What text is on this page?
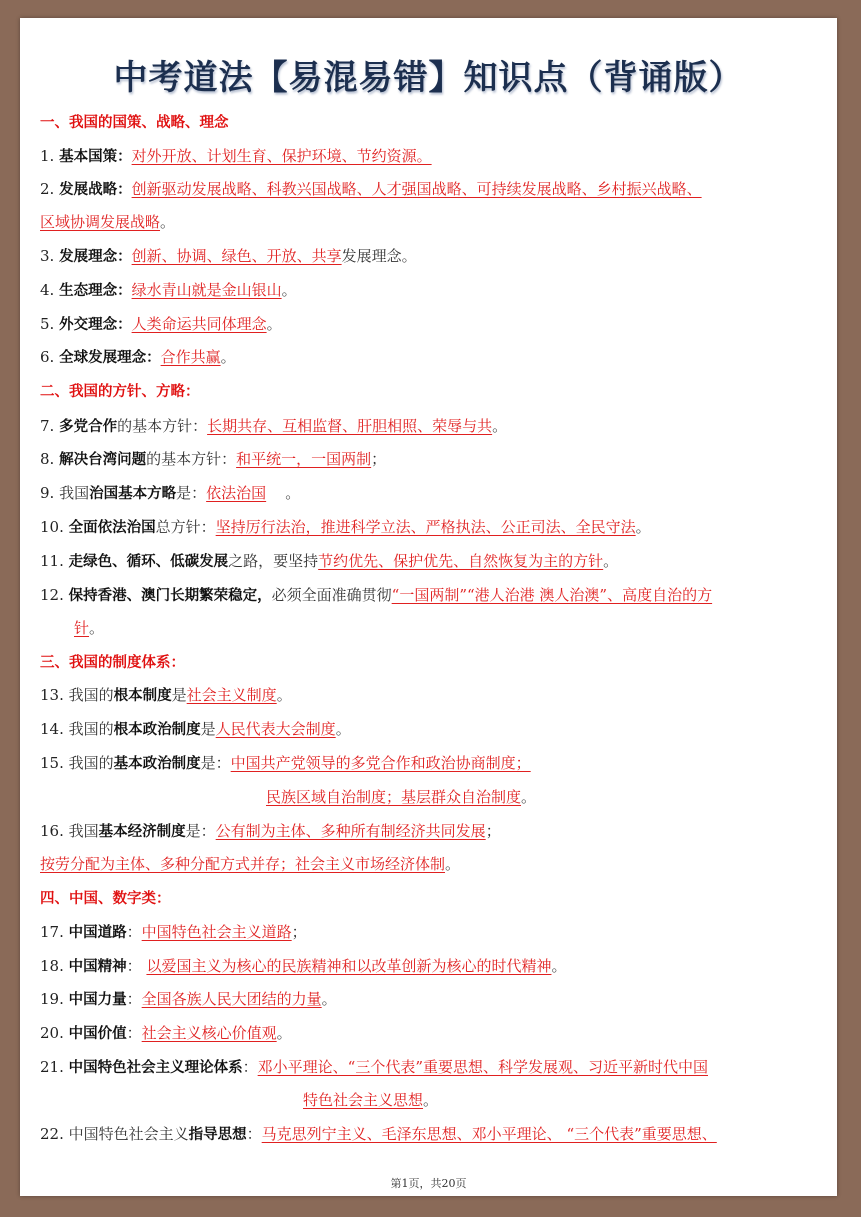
中考道法【易混易错】知识点（背诵版）
一、我国的国策、战略、理念
1. 基本国策：对外开放、计划生育、保护环境、节约资源。
2. 发展战略：创新驱动发展战略、科教兴国战略、人才强国战略、可持续发展战略、乡村振兴战略、
区域协调发展战略。
3. 发展理念：创新、协调、绿色、开放、共享发展理念。
4. 生态理念：绿水青山就是金山银山。
5. 外交理念：人类命运共同体理念。
6. 全球发展理念：合作共赢。
二、我国的方针、方略：
7. 多党合作的基本方针：长期共存、互相监督、肝胆相照、荣辱与共。
8. 解决台湾问题的基本方针：和平统一，一国两制；
9. 我国治国基本方略是：依法治国 。
10. 全面依法治国总方针：坚持厉行法治，推进科学立法、严格执法、公正司法、全民守法。
11. 走绿色、循环、低碳发展之路，要坚持节约优先、保护优先、自然恢复为主的方针。
12. 保持香港、澳门长期繁荣稳定，必须全面准确贯彻“一国两制”“港人治港 澳人治澳”、高度自治的方
针。
三、我国的制度体系：
13. 我国的根本制度是社会主义制度。
14. 我国的根本政治制度是人民代表大会制度。
15. 我国的基本政治制度是：中国共产党领导的多党合作和政治协商制度；
民族区域自治制度；基层群众自治制度。
16. 我国基本经济制度是：公有制为主体、多种所有制经济共同发展；
按劳分配为主体、多种分配方式并存；社会主义市场经济体制。
四、中国、数字类：
17. 中国道路：中国特色社会主义道路；
18. 中国精神： 以爱国主义为核心的民族精神和以改革创新为核心的时代精神。
19. 中国力量：全国各族人民大团结的力量。
20. 中国价值：社会主义核心价值观。
21. 中国特色社会主义理论体系：邓小平理论、“三个代表”重要思想、科学发展观、习近平新时代中国
特色社会主义思想。
22. 中国特色社会主义指导思想：马克思列宁主义、毛泽东思想、邓小平理论、 “三个代表”重要思想、
第1页，共20页
